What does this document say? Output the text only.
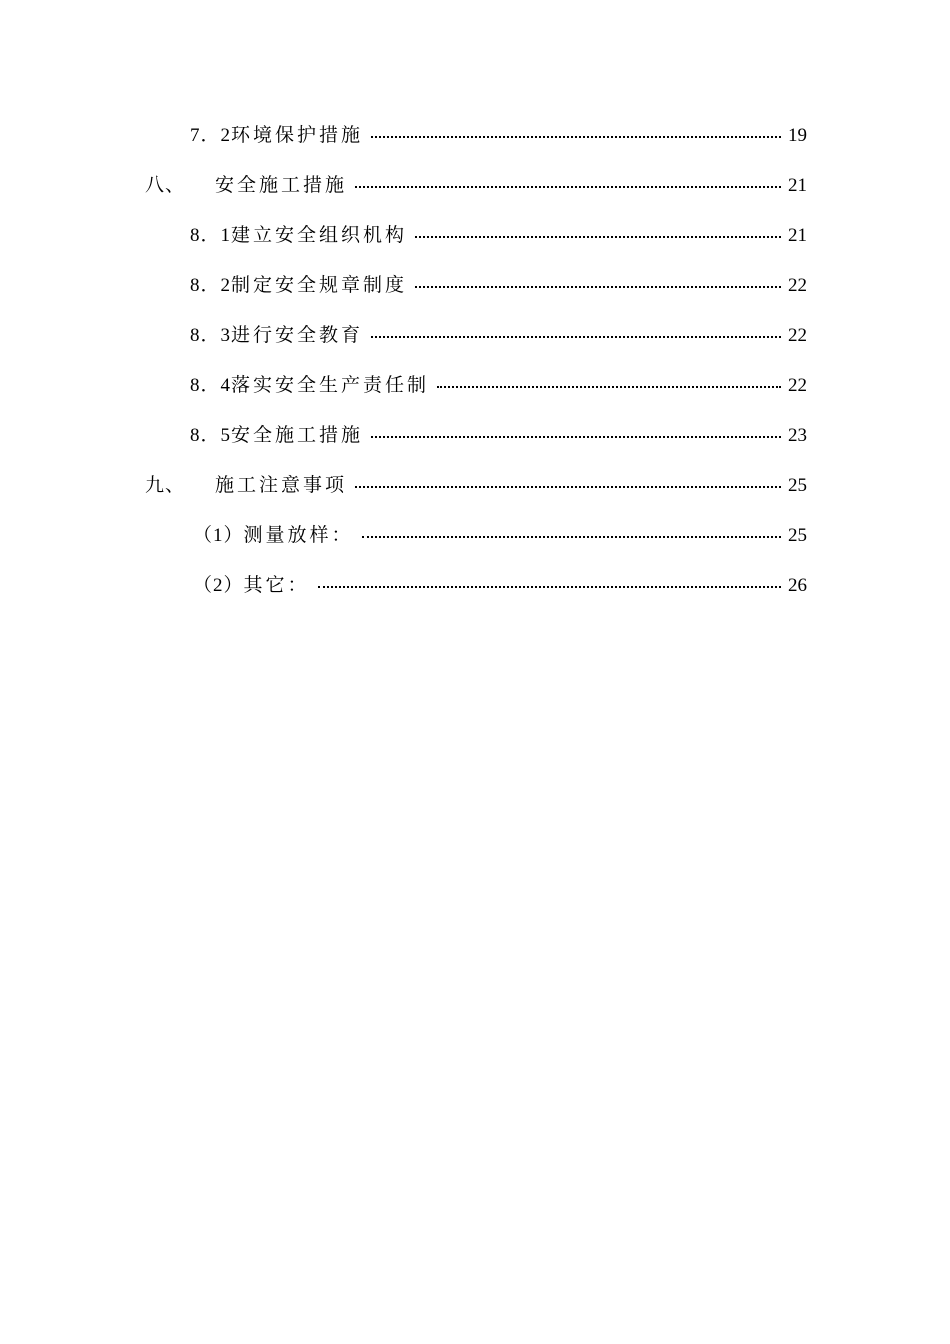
7．2 环境保护措施	19
八、 安全施工措施	21
8．1 建立安全组织机构	21
8．2 制定安全规章制度	22
8．3 进行安全教育	22
8．4 落实安全生产责任制	22
8．5 安全施工措施	23
九、 施工注意事项	25
（1） 测量放样：	25
（2） 其它：	26
